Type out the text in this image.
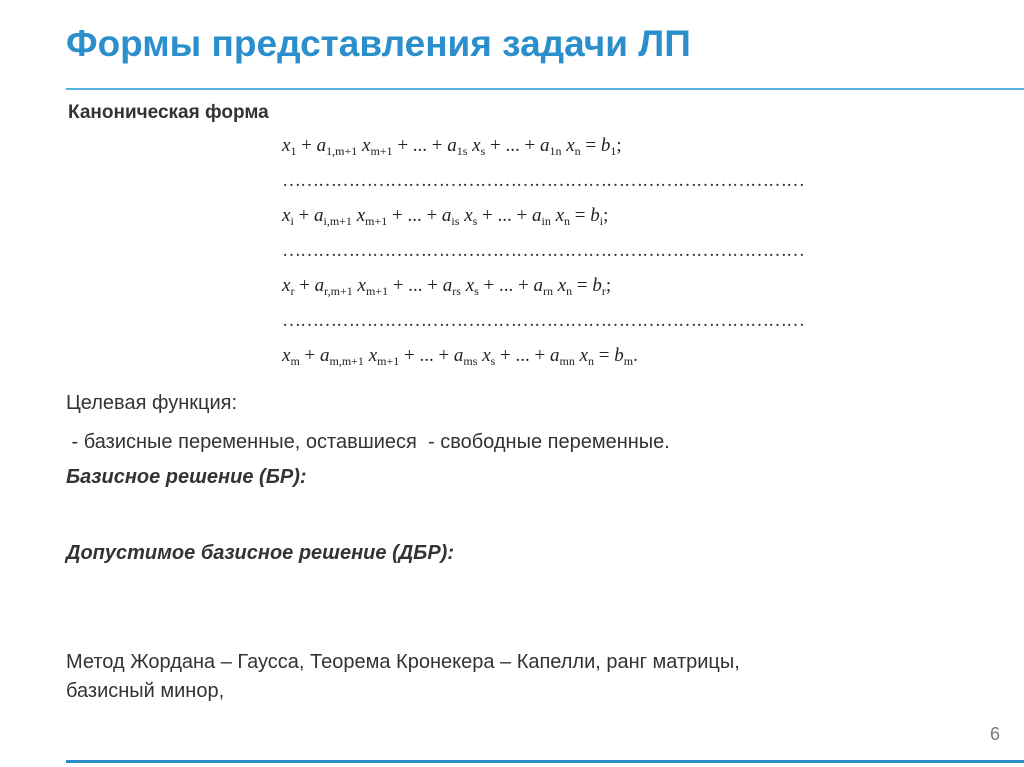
Формы представления задачи ЛП
Каноническая форма
$x_1 + a_{1,m+1}$ $x_{m+1}$ + ... + $a_{1s}$ $x_s$ + ... + $a_{1n}$ $x_n = b_1$;
……………………………………………………………………………
$x_i + a_{i,m+1}$ $x_{m+1}$ + ... + $a_{is}$ $x_s$ + ... + $a_{in}$ $x_n = b_i$;
……………………………………………………………………………
$x_r + a_{r,m+1}$ $x_{m+1}$ + ... + $a_{rs}$ $x_s$ + ... + $a_{rn}$ $x_n = b_r$;
……………………………………………………………………………
$x_m + a_{m,m+1}$ $x_{m+1}$ + ... + $a_{ms}$ $x_s$ + ... + $a_{mn}$ $x_n = b_m$.
Целевая функция:
- базисные переменные, оставшиеся  - свободные переменные.
Базисное решение (БР):
Допустимое базисное решение (ДБР):
Метод Жордана – Гаусса, Теорема Кронекера – Капелли, ранг матрицы,
базисный минор,
6
